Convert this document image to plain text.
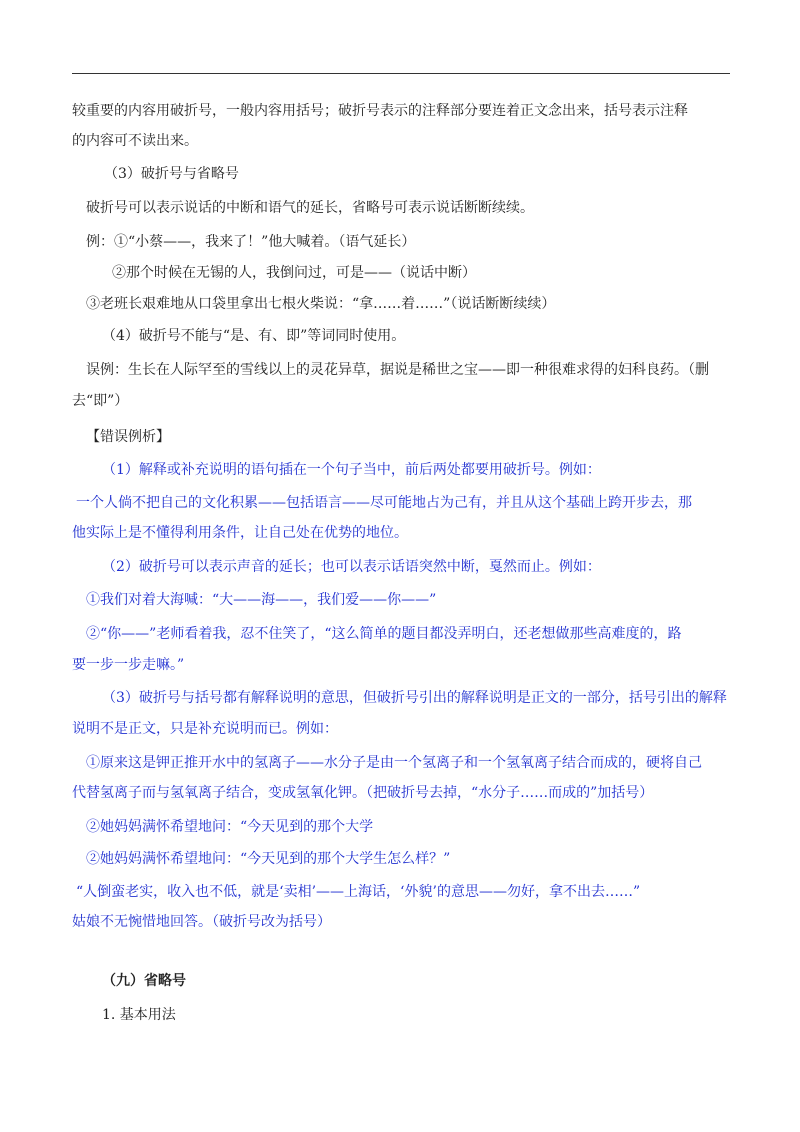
较重要的内容用破折号，一般内容用括号；破折号表示的注释部分要连着正文念出来，括号表示注释
的内容可不读出来。
（3）破折号与省略号
破折号可以表示说话的中断和语气的延长，省略号可表示说话断断续续。
例：①“小蔡——，我来了！”他大喊着。（语气延长）
②那个时候在无锡的人，我倒问过，可是——（说话中断）
③老班长艰难地从口袋里拿出七根火柴说：“拿……着……”（说话断断续续）
（4）破折号不能与“是、有、即”等词同时使用。
误例：生长在人际罕至的雪线以上的灵花异草，据说是稀世之宝——即一种很难求得的妇科良药。（删
去“即”）
【错误例析】
（1）解释或补充说明的语句插在一个句子当中，前后两处都要用破折号。例如：
一个人倘不把自己的文化积累——包括语言——尽可能地占为己有，并且从这个基础上跨开步去，那
他实际上是不懂得利用条件，让自己处在优势的地位。
（2）破折号可以表示声音的延长；也可以表示话语突然中断，戛然而止。例如：
①我们对着大海喊：“大——海——，我们爱——你——”
②“你——”老师看着我，忍不住笑了，“这么简单的题目都没弄明白，还老想做那些高难度的，路
要一步一步走嘛。”
（3）破折号与括号都有解释说明的意思，但破折号引出的解释说明是正文的一部分，括号引出的解释
说明不是正文，只是补充说明而已。例如：
①原来这是钾正推开水中的氢离子——水分子是由一个氢离子和一个氢氧离子结合而成的，硬将自己
代替氢离子而与氢氧离子结合，变成氢氧化钾。（把破折号去掉，“水分子……而成的”加括号）
②她妈妈满怀希望地问：“今天见到的那个大学
②她妈妈满怀希望地问：“今天见到的那个大学生怎么样？”
“人倒蛮老实，收入也不低，就是‘卖相’——上海话，‘外貌’的意思——勿好，拿不出去……”
姑娘不无惋惜地回答。（破折号改为括号）
（九）省略号
1. 基本用法
